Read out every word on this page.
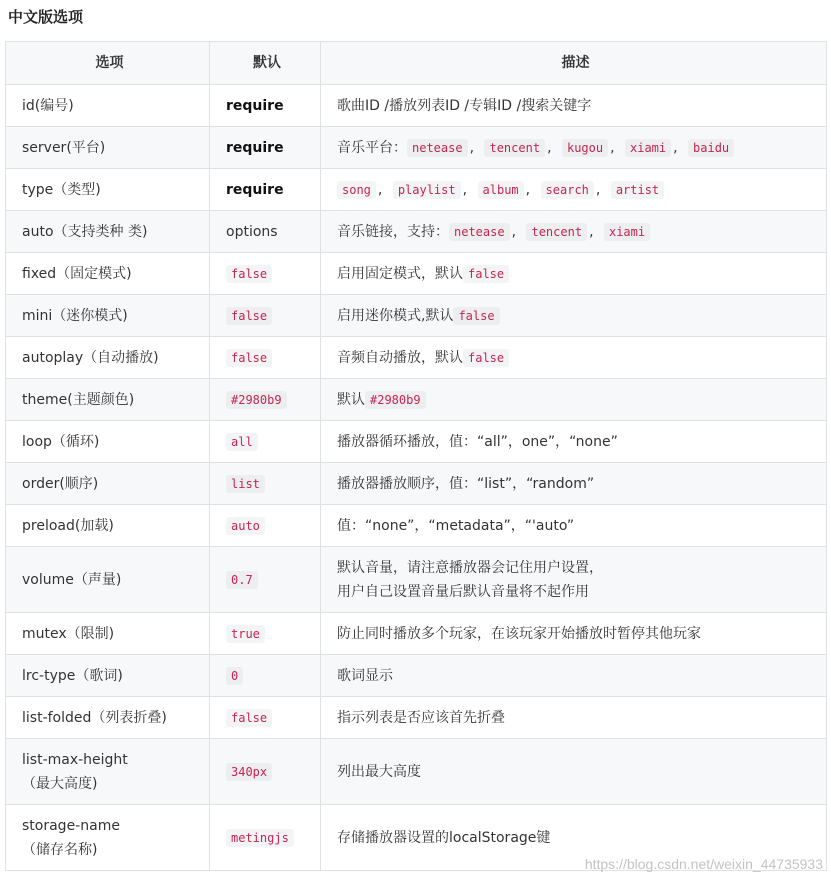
中文版选项
选项	默认	描述
id(编号)	require	歌曲ID /播放列表ID /专辑ID /搜索关键字
server(平台)	require	音乐平台： netease , tencent , kugou , xiami , baidu
type（类型)	require	song , playlist , album , search , artist
auto（支持类种 类)	options	音乐链接，支持： netease , tencent , xiami
fixed（固定模式)	false	启用固定模式，默认 false
mini（迷你模式)	false	启用迷你模式,默认 false
autoplay（自动播放)	false	音频自动播放，默认 false
theme(主题颜色)	#2980b9	默认 #2980b9
loop（循环)	all	播放器循环播放，值：“all”，one”，“none”
order(顺序)	list	播放器播放顺序，值：“list”，“random”
preload(加载)	auto	值：“none”，“metadata”，“'auto”
volume（声量)	0.7	默认音量，请注意播放器会记住用户设置，
用户自己设置音量后默认音量将不起作用

mutex（限制)	true	防止同时播放多个玩家，在该玩家开始播放时暂停其他玩家
lrc-type（歌词)	0	歌词显示
list-folded（列表折叠)	false	指示列表是否应该首先折叠

list-max-height
（最大高度)	340px	列出最大高度

storage-name
（储存名称)	metingjs	存储播放器设置的localStorage键
https://blog.csdn.net/weixin_44735933
